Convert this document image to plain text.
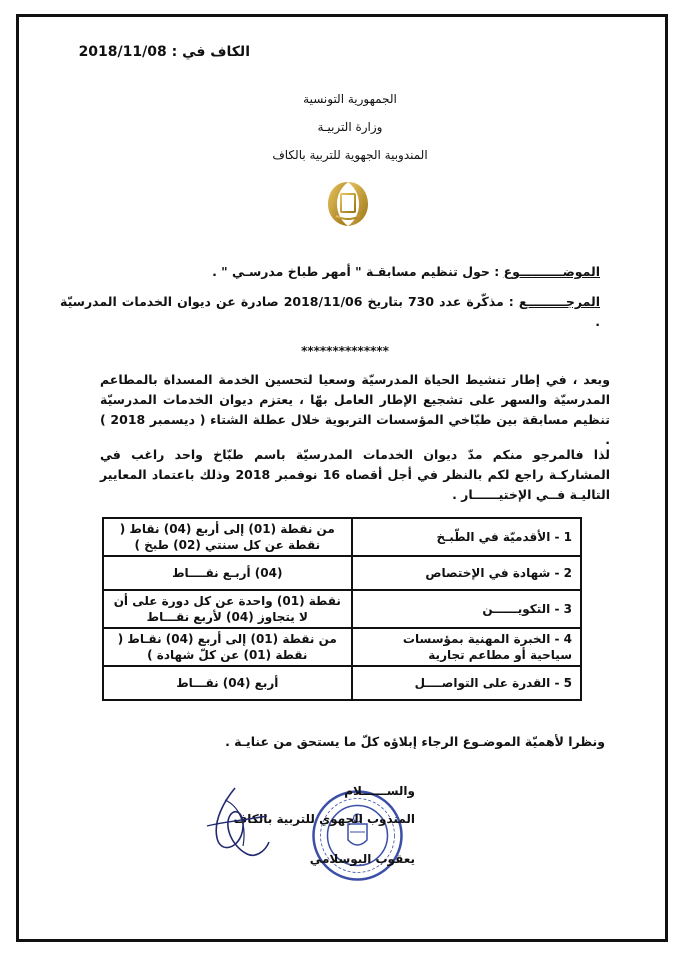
الكاف في : 2018/11/08
الجمهورية التونسية
وزارة التربيـة
المندوبية الجهوية للتربية بالكاف
الموضــــــــــوع : حول تنظيم مسابقـة " أمهر طباخ مدرسـي " .
المرجـــــــــع : مذكّرة عدد 730 بتاريخ 2018/11/06 صادرة عن ديوان الخدمات المدرسيّة .
**************
وبعد ، في إطار تنشيط الحياة المدرسيّة وسعيا لتحسين الخدمة المسداة بالمطاعم المدرسيّة والسهر على تشجيع الإطار العامل بهّا ، يعتزم ديوان الخدمات المدرسيّة تنظيم مسابقة بين طبّاخي المؤسسات التربوية خلال عطلة الشتاء ( ديسمبر 2018 ) .
لذا فالمرجو منكم مدّ ديوان الخدمات المدرسيّة باسم طبّاخ واحد راغب في المشاركـة راجع لكم بالنظر في أجل أقصاه 16 نوفمبر 2018 وذلك باعتماد المعايير التاليـة فــي الإختيــــــار .
1 - الأقدميّة في الطّبـخ	من نقطة (01) إلى أربع (04) نقاط ( نقطة عن كل سنتي (02) طبخ )
2 - شهادة في الإختصاص	(04) أربـع نقــــاط
3 - التكويــــــن	نقطة (01) واحدة عن كل دورة على أن لا يتجاوز (04) لأربع نقـــاط
4 - الخبرة المهنية بمؤسسات سياحية أو مطاعم تجارية	من نقطة (01) إلى أربع (04) نقـاط ( نقطة (01) عن كلّ شهادة )
5 - القدرة على التواصــــل	أربع (04) نقـــاط
ونظرا لأهميّة الموضـوع الرجاء إبلاؤه كلّ ما يستحق من عنايـة .
والســــــلام
المندوب الجهوي للتربية بالكاف
يعقوب البوسلامي
